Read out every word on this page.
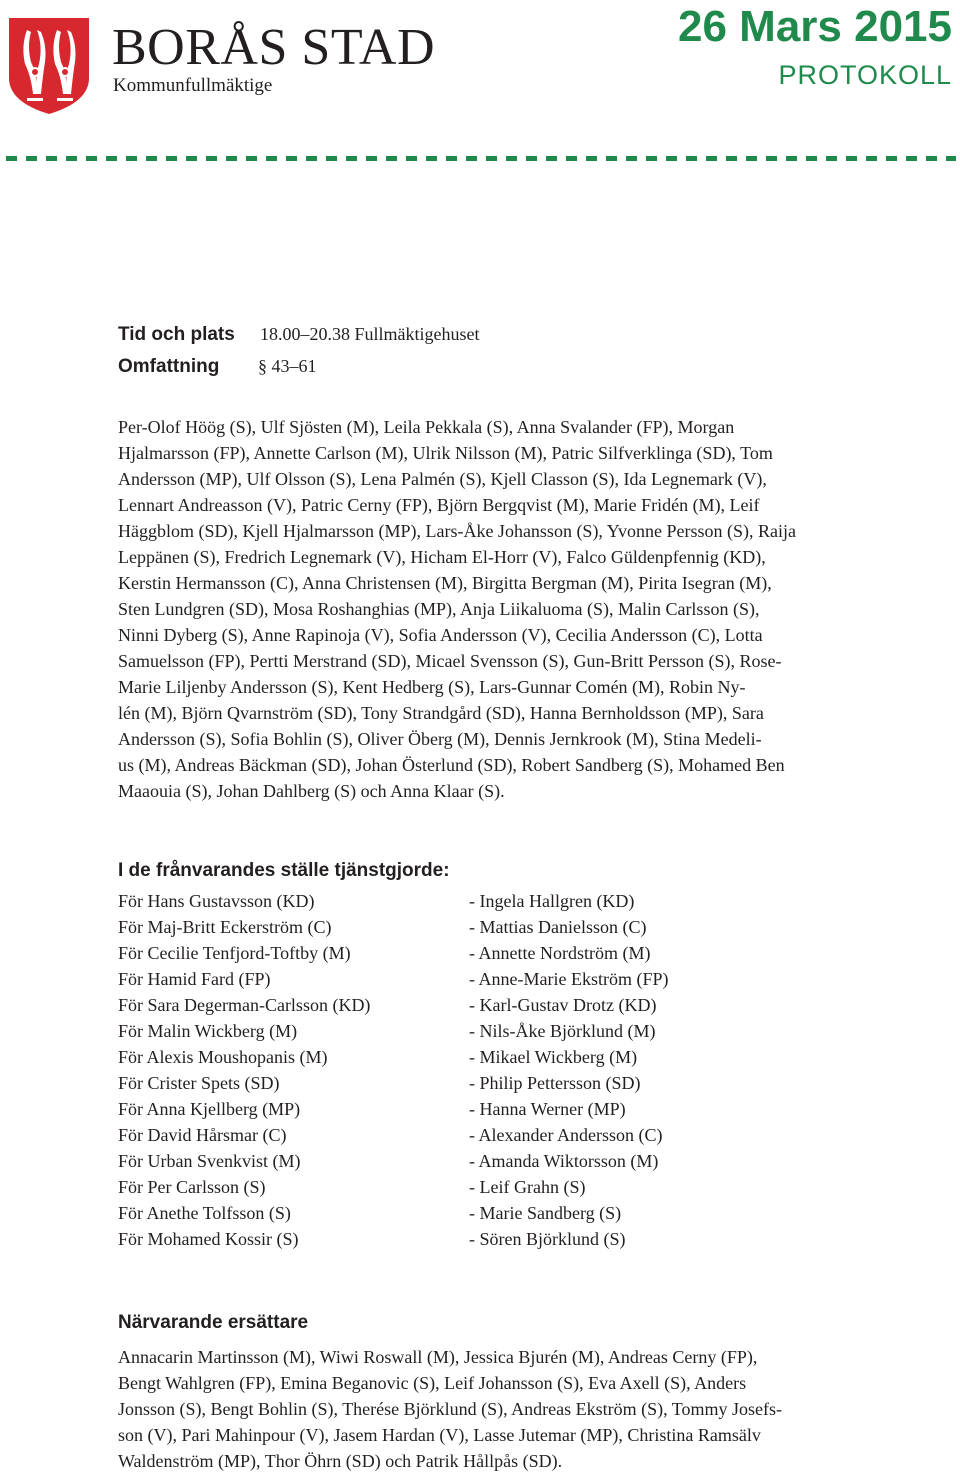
BORÅS STAD
Kommunfullmäktige
26 Mars 2015
PROTOKOLL
Tid och plats	18.00–20.38 Fullmäktigehuset
Omfattning	§ 43–61
Per-Olof Höög (S), Ulf Sjösten (M), Leila Pekkala (S), Anna Svalander (FP), Morgan
Hjalmarsson (FP), Annette Carlson (M), Ulrik Nilsson (M), Patric Silfverklinga (SD), Tom
Andersson (MP), Ulf Olsson (S), Lena Palmén (S), Kjell Classon (S), Ida Legnemark (V),
Lennart Andreasson (V), Patric Cerny (FP), Björn Bergqvist (M), Marie Fridén (M), Leif
Häggblom (SD), Kjell Hjalmarsson (MP), Lars-Åke Johansson (S), Yvonne Persson (S), Raija
Leppänen (S), Fredrich Legnemark (V), Hicham El-Horr (V), Falco Güldenpfennig (KD),
Kerstin Hermansson (C), Anna Christensen (M), Birgitta Bergman (M), Pirita Isegran (M),
Sten Lundgren (SD), Mosa Roshanghias (MP), Anja Liikaluoma (S), Malin Carlsson (S),
Ninni Dyberg (S), Anne Rapinoja (V), Sofia Andersson (V), Cecilia Andersson (C), Lotta
Samuelsson (FP), Pertti Merstrand (SD), Micael Svensson (S), Gun-Britt Persson (S), Rose-
Marie Liljenby Andersson (S), Kent Hedberg (S), Lars-Gunnar Comén (M), Robin Ny-
lén (M), Björn Qvarnström (SD), Tony Strandgård (SD), Hanna Bernholdsson (MP), Sara
Andersson (S), Sofia Bohlin (S), Oliver Öberg (M), Dennis Jernkrook (M), Stina Medeli-
us (M), Andreas Bäckman (SD), Johan Österlund (SD), Robert Sandberg (S), Mohamed Ben
Maaouia (S), Johan Dahlberg (S) och Anna Klaar (S).
I de frånvarandes ställe tjänstgjorde:
För Hans Gustavsson (KD)	- Ingela Hallgren (KD)
För Maj-Britt Eckerström (C)	- Mattias Danielsson (C)
För Cecilie Tenfjord-Toftby (M)	- Annette Nordström (M)
För Hamid Fard (FP)	- Anne-Marie Ekström (FP)
För Sara Degerman-Carlsson (KD)	- Karl-Gustav Drotz (KD)
För Malin Wickberg (M)	- Nils-Åke Björklund (M)
För Alexis Moushopanis (M)	- Mikael Wickberg (M)
För Crister Spets (SD)	- Philip Pettersson (SD)
För Anna Kjellberg (MP)	- Hanna Werner (MP)
För David Hårsmar (C)	- Alexander Andersson (C)
För Urban Svenkvist (M)	- Amanda Wiktorsson (M)
För Per Carlsson (S)	- Leif Grahn (S)
För Anethe Tolfsson (S)	- Marie Sandberg (S)
För Mohamed Kossir (S)	- Sören Björklund (S)
Närvarande ersättare
Annacarin Martinsson (M), Wiwi Roswall (M), Jessica Bjurén (M), Andreas Cerny (FP),
Bengt Wahlgren (FP), Emina Beganovic (S), Leif Johansson (S), Eva Axell (S), Anders
Jonsson (S), Bengt Bohlin (S), Therése Björklund (S), Andreas Ekström (S), Tommy Josefs-
son (V), Pari Mahinpour (V), Jasem Hardan (V), Lasse Jutemar (MP), Christina Ramsälv
Waldenström (MP), Thor Öhrn (SD) och Patrik Hållpås (SD).
